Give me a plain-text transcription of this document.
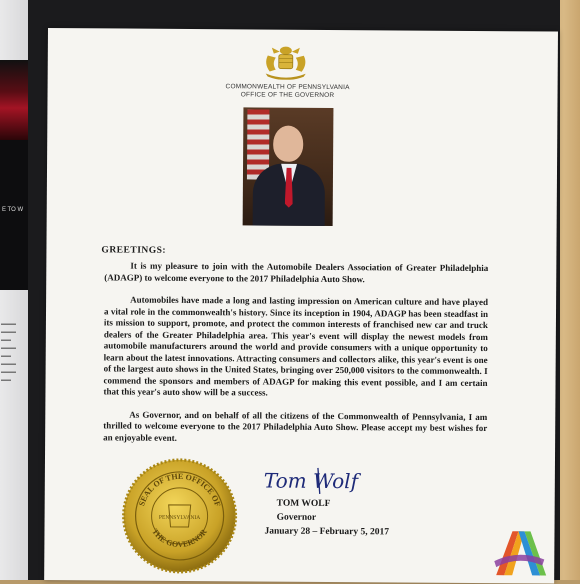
E TO W
▬▬▬
▬▬▬
▬▬
▬▬▬
▬▬
▬▬▬
▬▬▬
▬▬
COMMONWEALTH OF PENNSYLVANIA
OFFICE OF THE GOVERNOR
GREETINGS:

It is my pleasure to join with the Automobile Dealers Association of Greater Philadelphia (ADAGP) to welcome everyone to the 2017 Philadelphia Auto Show.

Automobiles have made a long and lasting impression on American culture and have played a vital role in the commonwealth's history. Since its inception in 1904, ADAGP has been steadfast in its mission to support, promote, and protect the common interests of franchised new car and truck dealers of the Greater Philadelphia area. This year's event will display the newest models from automobile manufacturers around the world and provide consumers with a unique opportunity to learn about the latest innovations. Attracting consumers and collectors alike, this year's event is one of the largest auto shows in the United States, bringing over 250,000 visitors to the commonwealth. I commend the sponsors and members of ADAGP for making this event possible, and I am certain that this year's auto show will be a success.

As Governor, and on behalf of all the citizens of the Commonwealth of Pennsylvania, I am thrilled to welcome everyone to the 2017 Philadelphia Auto Show. Please accept my best wishes for an enjoyable event.

SEAL OF THE OFFICE OF
THE GOVERNOR
PENNSYLVANIA
Tom Wolf
TOM WOLF
Governor
January 28 – February 5, 2017
